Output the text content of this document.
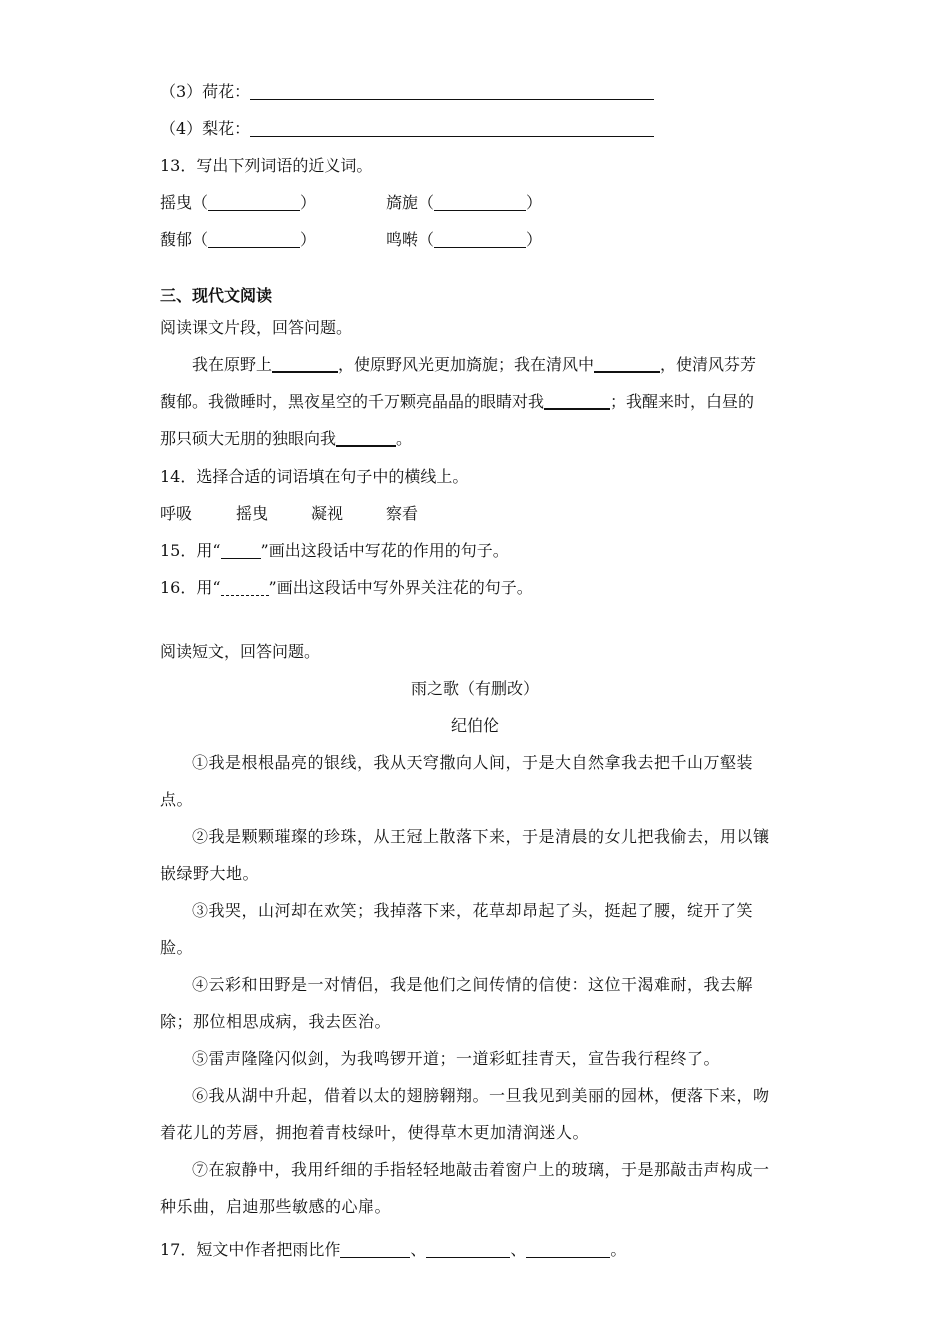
（3）荷花：
（4）梨花：
13．写出下列词语的近义词。
摇曳（	）	旖旎（	）
馥郁（	）	鸣啭（	）
三、现代文阅读
阅读课文片段，回答问题。
我在原野上	，使原野风光更加旖旎；我在清风中	，使清风芬芳
馥郁。我微睡时，黑夜星空的千万颗亮晶晶的眼睛对我	；我醒来时，白昼的
那只硕大无朋的独眼向我	。
14．选择合适的词语填在句子中的横线上。
呼吸	摇曳	凝视	察看
15．用“	”画出这段话中写花的作用的句子。
16．用“	”画出这段话中写外界关注花的句子。
阅读短文，回答问题。
雨之歌（有删改）
纪伯伦

①我是根根晶亮的银线，我从天穹撒向人间，于是大自然拿我去把千山万壑装点。

②我是颗颗璀璨的珍珠，从王冠上散落下来，于是清晨的女儿把我偷去，用以镶嵌绿野大地。

③我哭，山河却在欢笑；我掉落下来，花草却昂起了头，挺起了腰，绽开了笑脸。

④云彩和田野是一对情侣，我是他们之间传情的信使：这位干渴难耐，我去解除；那位相思成病，我去医治。

⑤雷声隆隆闪似剑，为我鸣锣开道；一道彩虹挂青天，宣告我行程终了。

⑥我从湖中升起，借着以太的翅膀翱翔。一旦我见到美丽的园林，便落下来，吻着花儿的芳唇，拥抱着青枝绿叶，使得草木更加清润迷人。

⑦在寂静中，我用纤细的手指轻轻地敲击着窗户上的玻璃，于是那敲击声构成一种乐曲，启迪那些敏感的心扉。

17．短文中作者把雨比作	、	、	。
